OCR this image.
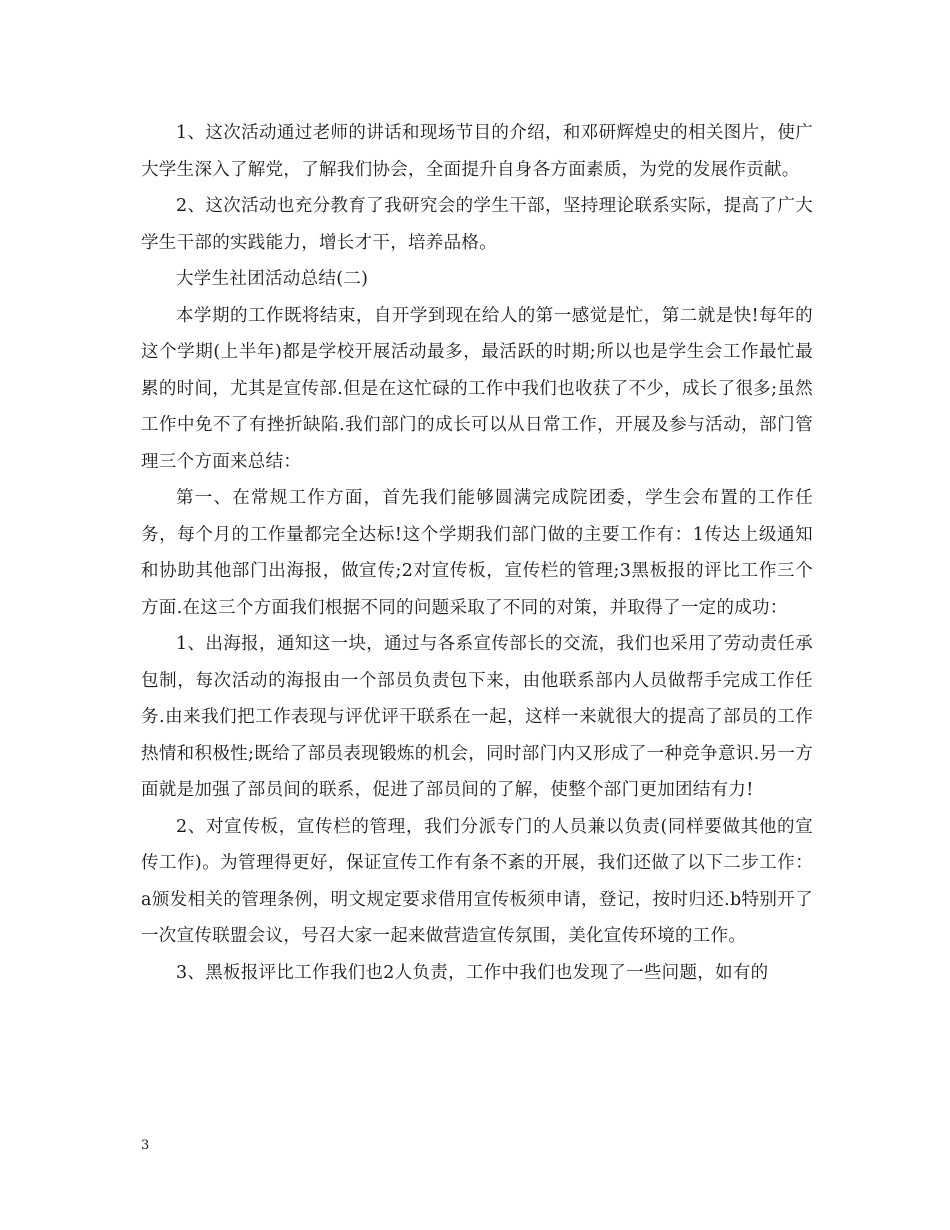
1、这次活动通过老师的讲话和现场节目的介绍，和邓研辉煌史的相关图片，使广大学生深入了解党，了解我们协会，全面提升自身各方面素质，为党的发展作贡献。

2、这次活动也充分教育了我研究会的学生干部，坚持理论联系实际，提高了广大学生干部的实践能力，增长才干，培养品格。

大学生社团活动总结(二)

本学期的工作既将结束，自开学到现在给人的第一感觉是忙，第二就是快!每年的这个学期(上半年)都是学校开展活动最多，最活跃的时期;所以也是学生会工作最忙最累的时间，尤其是宣传部.但是在这忙碌的工作中我们也收获了不少，成长了很多;虽然工作中免不了有挫折缺陷.我们部门的成长可以从日常工作，开展及参与活动，部门管理三个方面来总结：

第一、在常规工作方面，首先我们能够圆满完成院团委，学生会布置的工作任务，每个月的工作量都完全达标!这个学期我们部门做的主要工作有：1传达上级通知和协助其他部门出海报，做宣传;2对宣传板，宣传栏的管理;3黑板报的评比工作三个方面.在这三个方面我们根据不同的问题采取了不同的对策，并取得了一定的成功：

1、出海报，通知这一块，通过与各系宣传部长的交流，我们也采用了劳动责任承包制，每次活动的海报由一个部员负责包下来，由他联系部内人员做帮手完成工作任务.由来我们把工作表现与评优评干联系在一起，这样一来就很大的提高了部员的工作热情和积极性;既给了部员表现锻炼的机会，同时部门内又形成了一种竞争意识.另一方面就是加强了部员间的联系，促进了部员间的了解，使整个部门更加团结有力!

2、对宣传板，宣传栏的管理，我们分派专门的人员兼以负责(同样要做其他的宣传工作)。为管理得更好，保证宣传工作有条不紊的开展，我们还做了以下二步工作：a颁发相关的管理条例，明文规定要求借用宣传板须申请，登记，按时归还.b特别开了一次宣传联盟会议，号召大家一起来做营造宣传氛围，美化宣传环境的工作。

3、黑板报评比工作我们也2人负责，工作中我们也发现了一些问题，如有的

3
